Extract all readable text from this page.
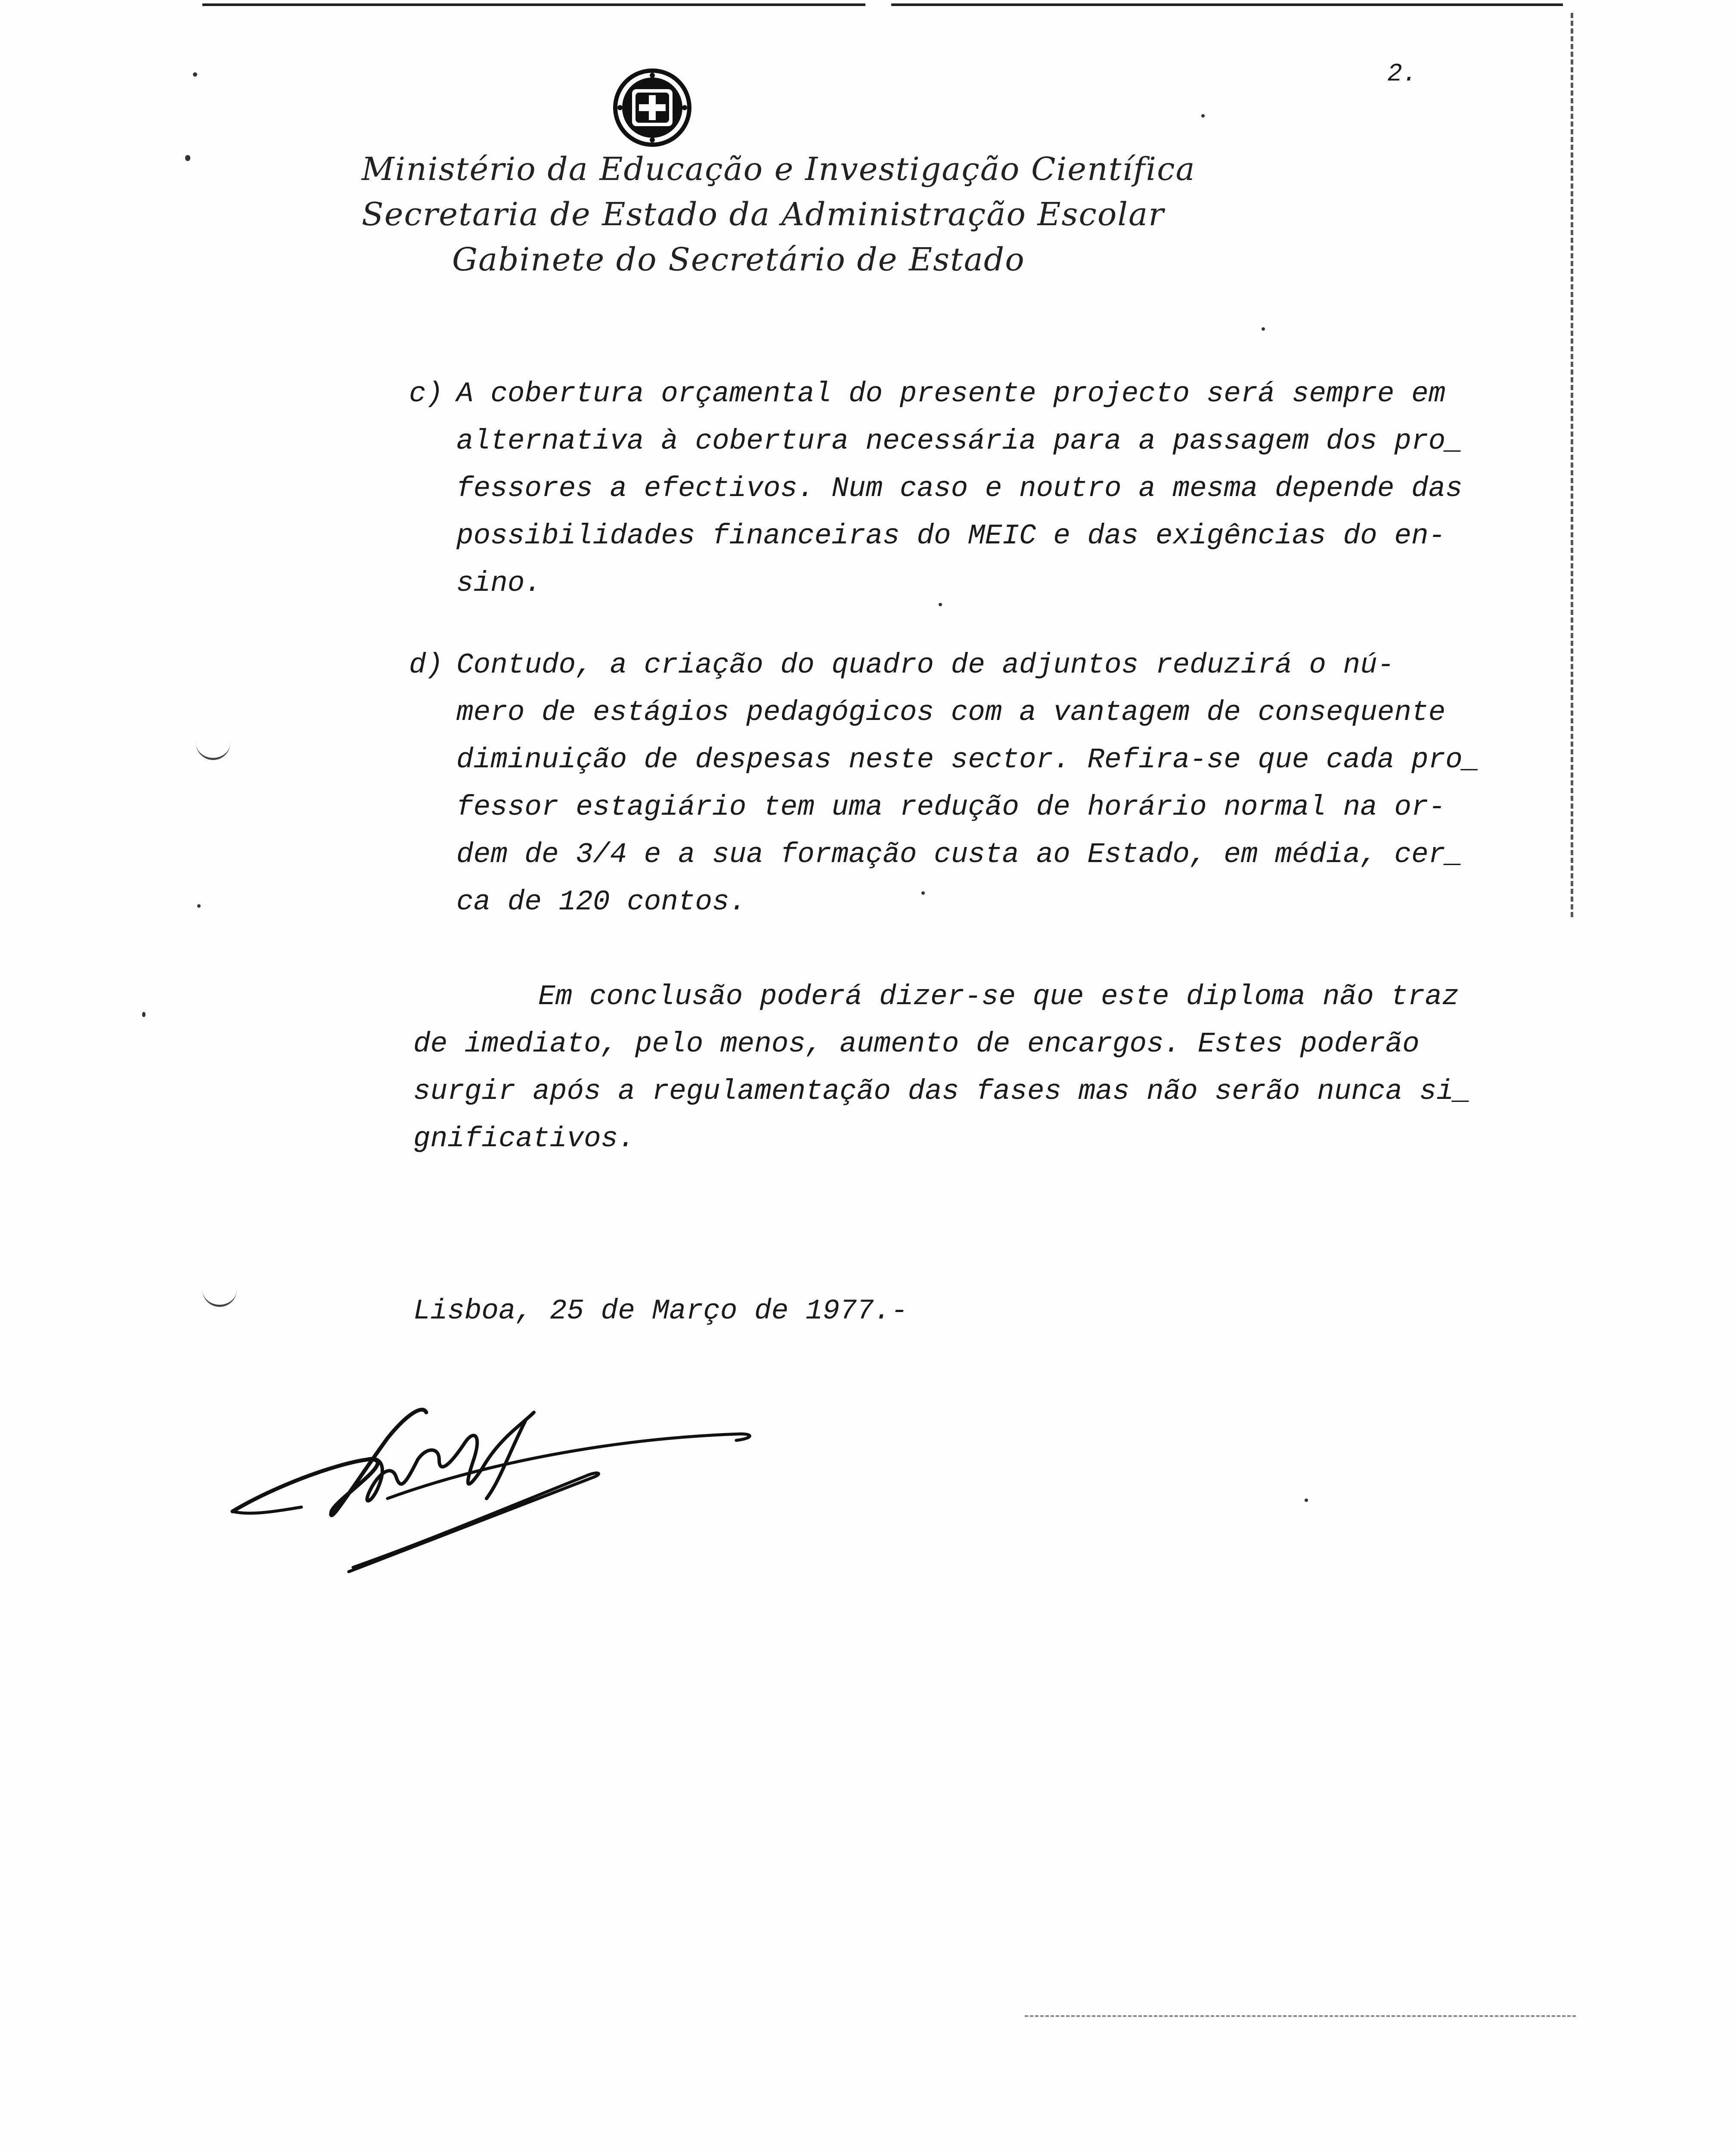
2.
Ministério da Educação e Investigação Científica
Secretaria de Estado da Administração Escolar
Gabinete do Secretário de Estado
c) A cobertura orçamental do presente projecto será sempre em
alternativa à cobertura necessária para a passagem dos pro_
fessores a efectivos. Num caso e noutro a mesma depende das
possibilidades financeiras do MEIC e das exigências do en-
sino.
d) Contudo, a criação do quadro de adjuntos reduzirá o nú-
mero de estágios pedagógicos com a vantagem de consequente
diminuição de despesas neste sector. Refira-se que cada pro_
fessor estagiário tem uma redução de horário normal na or-
dem de 3/4 e a sua formação custa ao Estado, em média, cer_
ca de 120 contos.
Em conclusão poderá dizer-se que este diploma não traz
de imediato, pelo menos, aumento de encargos. Estes poderão
surgir após a regulamentação das fases mas não serão nunca si_
gnificativos.
Lisboa, 25 de Março de 1977.-
